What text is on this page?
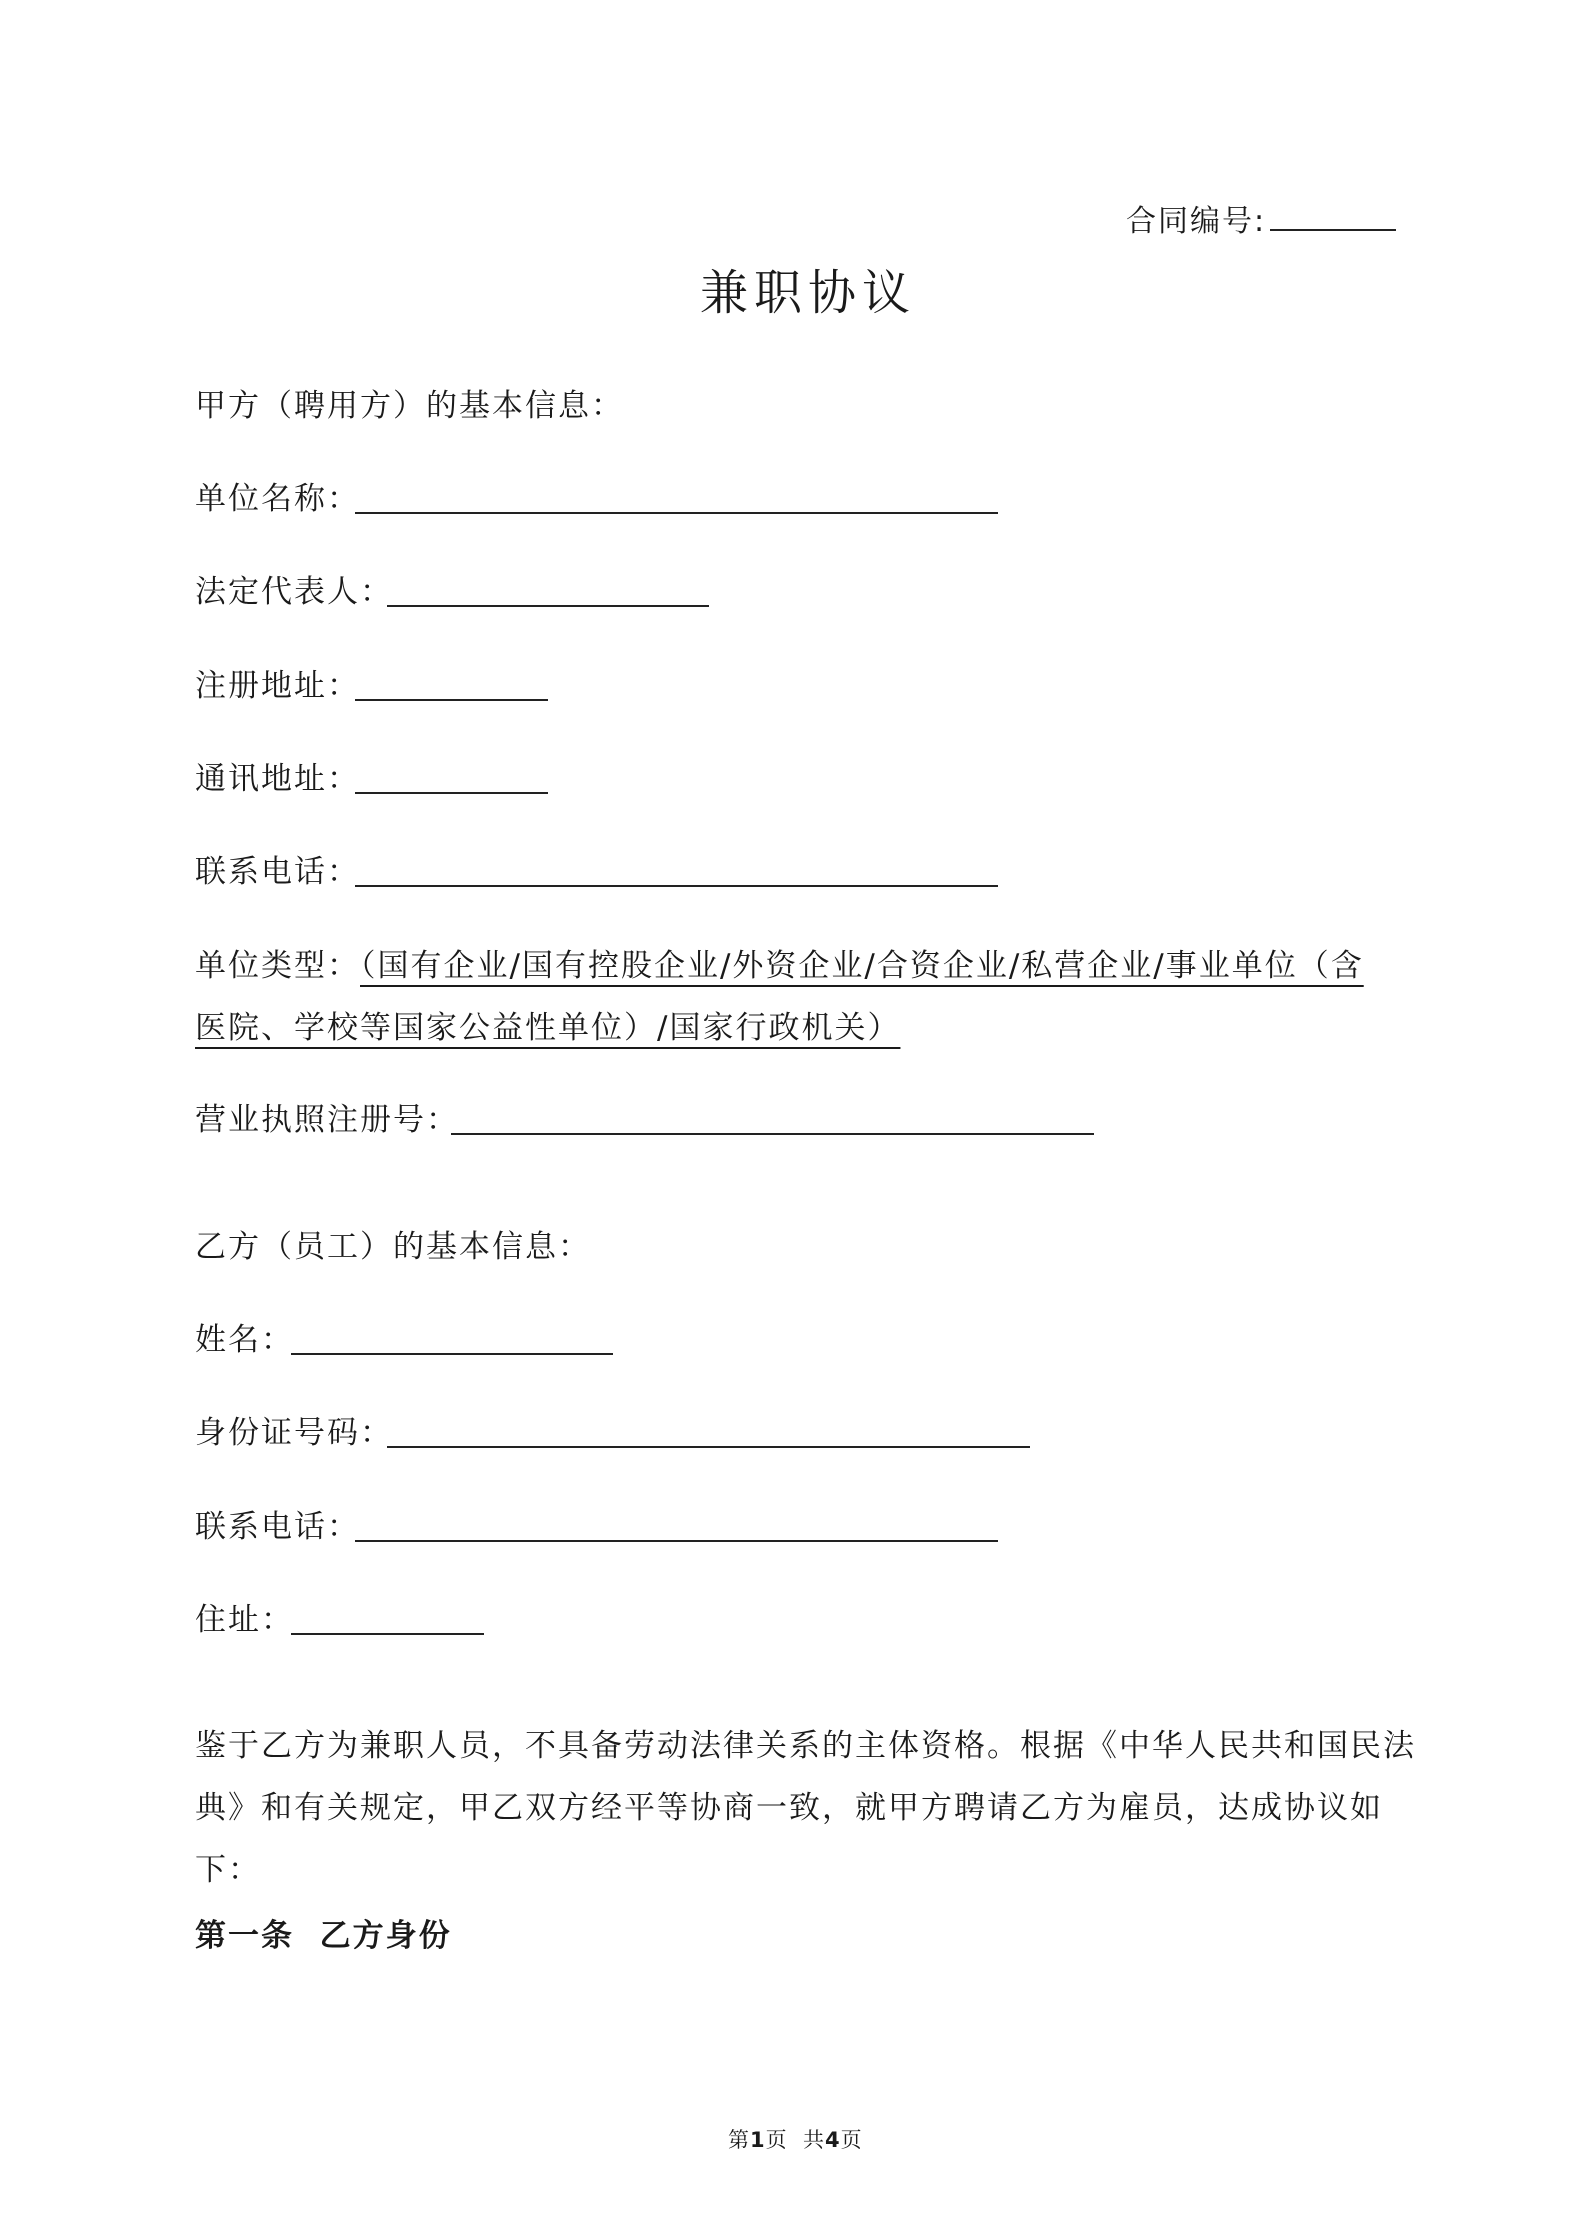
合同编号:
兼职协议
甲方（聘用方）的基本信息：
单位名称：
法定代表人：
注册地址：
通讯地址：
联系电话：
单位类型：（国有企业/国有控股企业/外资企业/合资企业/私营企业/事业单位（含
医院、学校等国家公益性单位）/国家行政机关）
营业执照注册号：
乙方（员工）的基本信息：
姓名：
身份证号码：
联系电话：
住址：
鉴于乙方为兼职人员，不具备劳动法律关系的主体资格。根据《中华人民共和国民法
典》和有关规定，甲乙双方经平等协商一致，就甲方聘请乙方为雇员，达成协议如
下：
第一条  乙方身份
第1页  共4页
